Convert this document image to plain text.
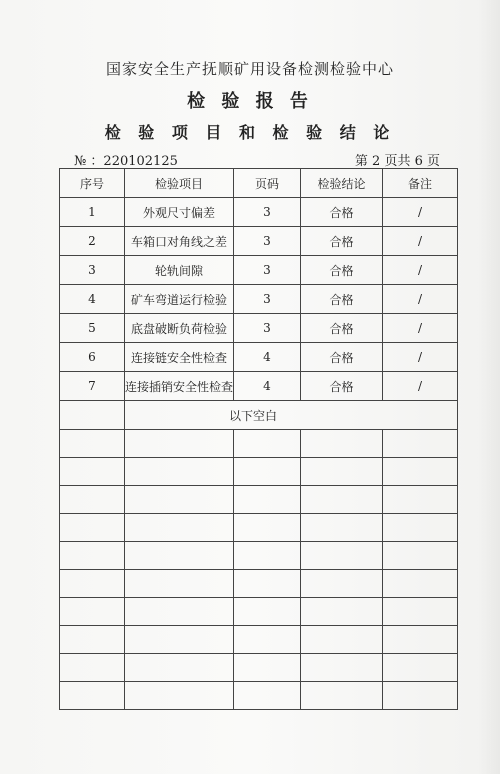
国家安全生产抚顺矿用设备检测检验中心
检 验 报 告
检 验 项 目 和 检 验 结 论
№ ：220102125	第 2 页共 6 页
序号	检验项目	页码	检验结论	备注
1	外观尺寸偏差	3	合格	/
2	车箱口对角线之差	3	合格	/
3	轮轨间隙	3	合格	/
4	矿车弯道运行检验	3	合格	/
5	底盘破断负荷检验	3	合格	/
6	连接链安全性检查	4	合格	/
7	连接插销安全性检查	4	合格	/
	以下空白			
